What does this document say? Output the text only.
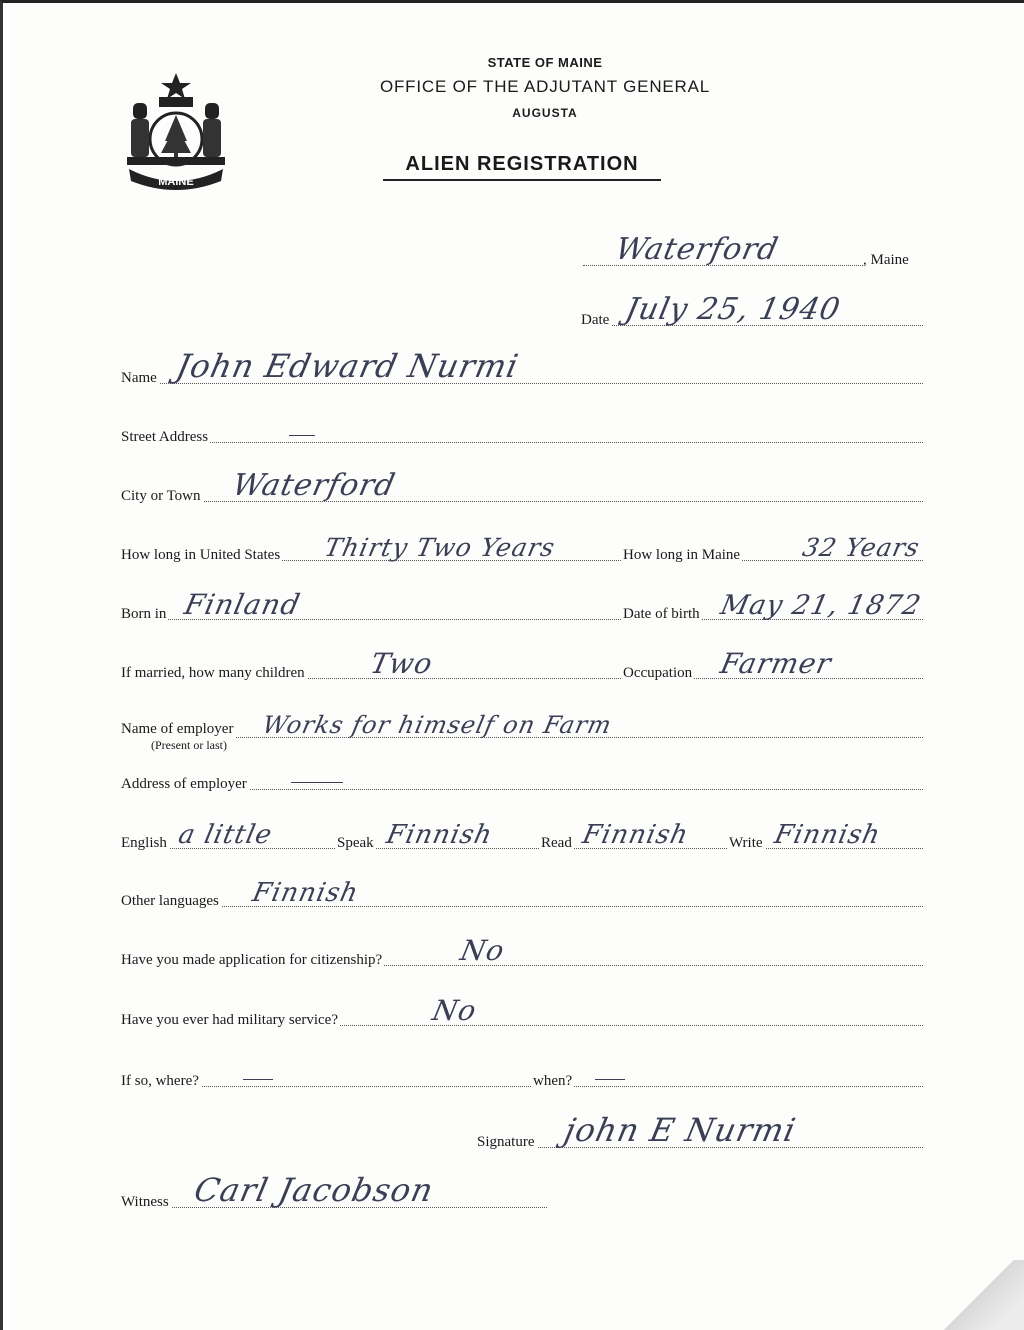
MAINE
STATE OF MAINE
OFFICE OF THE ADJUTANT GENERAL
AUGUSTA
ALIEN REGISTRATION
Waterford	, Maine
Date July 25, 1940
Name John Edward Nurmi
Street Address
City or Town Waterford
How long in United States Thirty Two Years	How long in Maine 32 Years
Born in Finland	Date of birth May 21, 1872
If married, how many children Two	Occupation Farmer
Name of employer
(Present or last)
Works for himself on Farm
Address of employer
English a little	Speak Finnish	Read Finnish	Write Finnish
Other languages Finnish
Have you made application for citizenship?	No
Have you ever had military service?	No
If so, where?	when?
Signature john E Nurmi
Witness Carl Jacobson
